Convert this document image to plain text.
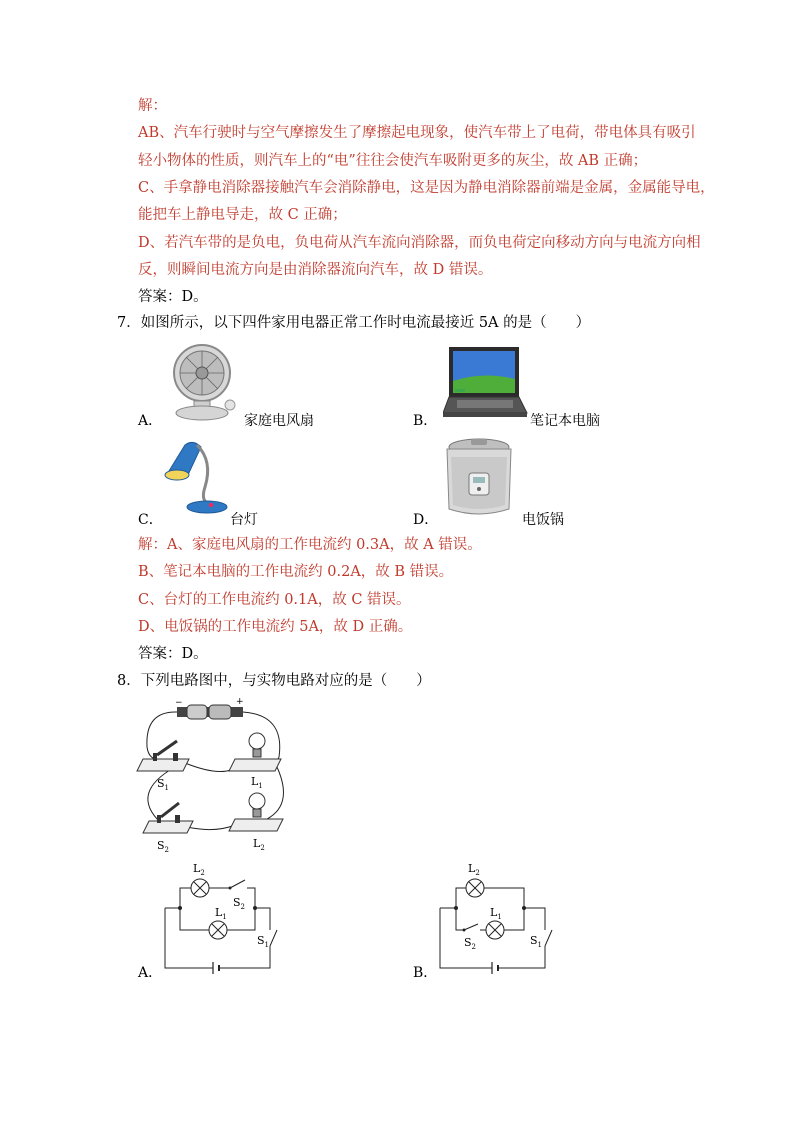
解：
AB、汽车行驶时与空气摩擦发生了摩擦起电现象，使汽车带上了电荷，带电体具有吸引
轻小物体的性质，则汽车上的“电”往往会使汽车吸附更多的灰尘，故 AB 正确；
C、手拿静电消除器接触汽车会消除静电，这是因为静电消除器前端是金属，金属能导电，
能把车上静电导走，故 C 正确；
D、若汽车带的是负电，负电荷从汽车流向消除器，而负电荷定向移动方向与电流方向相
反，则瞬间电流方向是由消除器流向汽车，故 D 错误。
答案：D。
7．如图所示，以下四件家用电器正常工作时电流最接近 5A 的是（　　）
A．	家庭电风扇	B．	笔记本电脑
C．	台灯	D．	电饭锅
解：A、家庭电风扇的工作电流约 0.3A，故 A 错误。
B、笔记本电脑的工作电流约 0.2A，故 B 错误。
C、台灯的工作电流约 0.1A，故 C 错误。
D、电饭锅的工作电流约 5A，故 D 正确。
答案：D。
8．下列电路图中，与实物电路对应的是（　　）
−	+
$S_1$	$L_1$
$S_2$	$L_2$
$L_2$
$S_2$
$L_1$
$S_1$
A．
$L_2$
$L_1$
$S_2$	$S_1$
B．
